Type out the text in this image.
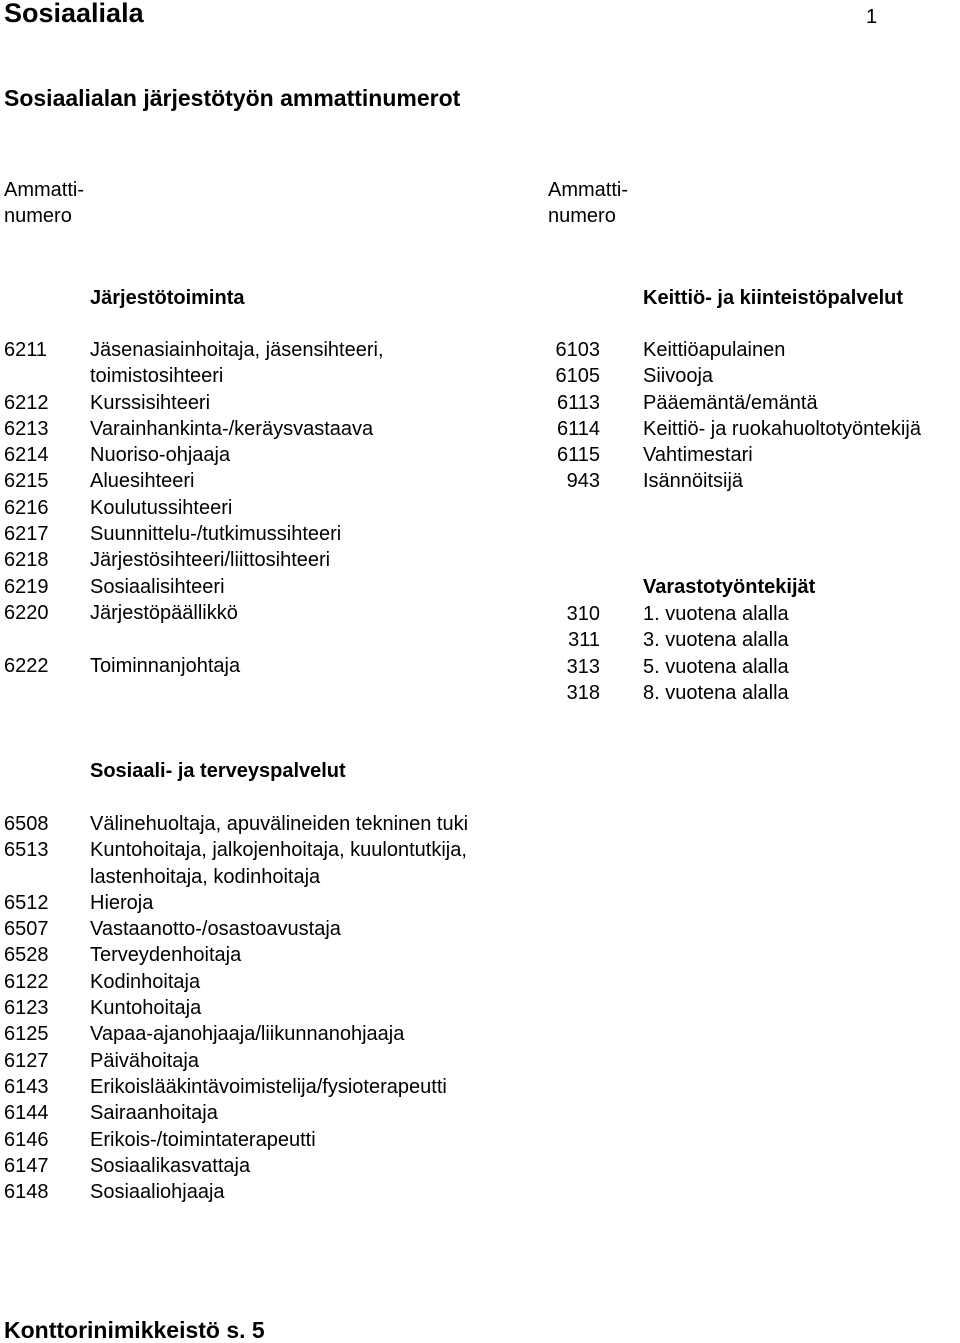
Sosiaaliala	1
Sosiaalialan järjestötyön ammattinumerot
Ammatti-
numero
Ammatti-
numero
Järjestötoiminta	Keittiö- ja kiinteistöpalvelut
Varastotyöntekijät
Sosiaali- ja terveyspalvelut
6211	Jäsenasiainhoitaja, jäsensihteeri,
toimistosihteeri
6212	Kurssisihteeri
6213	Varainhankinta-/keräysvastaava
6214	Nuoriso-ohjaaja
6215	Aluesihteeri
6216	Koulutussihteeri
6217	Suunnittelu-/tutkimussihteeri
6218	Järjestösihteeri/liittosihteeri
6219	Sosiaalisihteeri
6220	Järjestöpäällikkö
6222	Toiminnanjohtaja
6103 Keittiöapulainen
6105 Siivooja
6113 Pääemäntä/emäntä
6114 Keittiö- ja ruokahuoltotyöntekijä
6115 Vahtimestari
943 Isännöitsijä
310 1. vuotena alalla
311 3. vuotena alalla
313 5. vuotena alalla
318 8. vuotena alalla
6508	Välinehuoltaja, apuvälineiden tekninen tuki
6513	Kuntohoitaja, jalkojenhoitaja, kuulontutkija,
lastenhoitaja, kodinhoitaja
6512	Hieroja
6507	Vastaanotto-/osastoavustaja
6528	Terveydenhoitaja
6122	Kodinhoitaja
6123	Kuntohoitaja
6125	Vapaa-ajanohjaaja/liikunnanohjaaja
6127	Päivähoitaja
6143	Erikoislääkintävoimistelija/fysioterapeutti
6144	Sairaanhoitaja
6146	Erikois-/toimintaterapeutti
6147	Sosiaalikasvattaja
6148	Sosiaaliohjaaja
Konttorinimikkeistö s. 5
